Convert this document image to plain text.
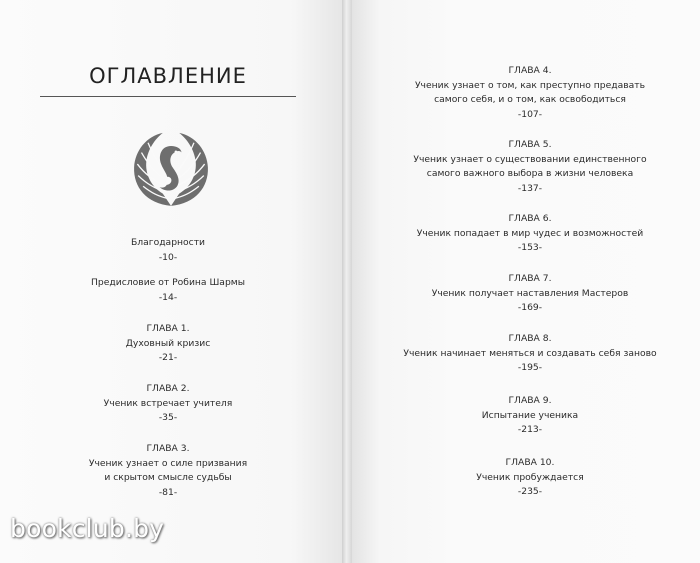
ОГЛАВЛЕНИЕ
Благодарности
-10-
Предисловие от Робина Шармы
-14-
ГЛАВА 1.
Духовный кризис
-21-
ГЛАВА 2.
Ученик встречает учителя
-35-
ГЛАВА 3.
Ученик узнает о силе призвания
и скрытом смысле судьбы
-81-
ГЛАВА 4.
Ученик узнает о том, как преступно предавать
самого себя, и о том, как освободиться
-107-
ГЛАВА 5.
Ученик узнает о существовании единственного
самого важного выбора в жизни человека
-137-
ГЛАВА 6.
Ученик попадает в мир чудес и возможностей
-153-
ГЛАВА 7.
Ученик получает наставления Мастеров
-169-
ГЛАВА 8.
Ученик начинает меняться и создавать себя заново
-195-
ГЛАВА 9.
Испытание ученика
-213-
ГЛАВА 10.
Ученик пробуждается
-235-
bookclub.by
